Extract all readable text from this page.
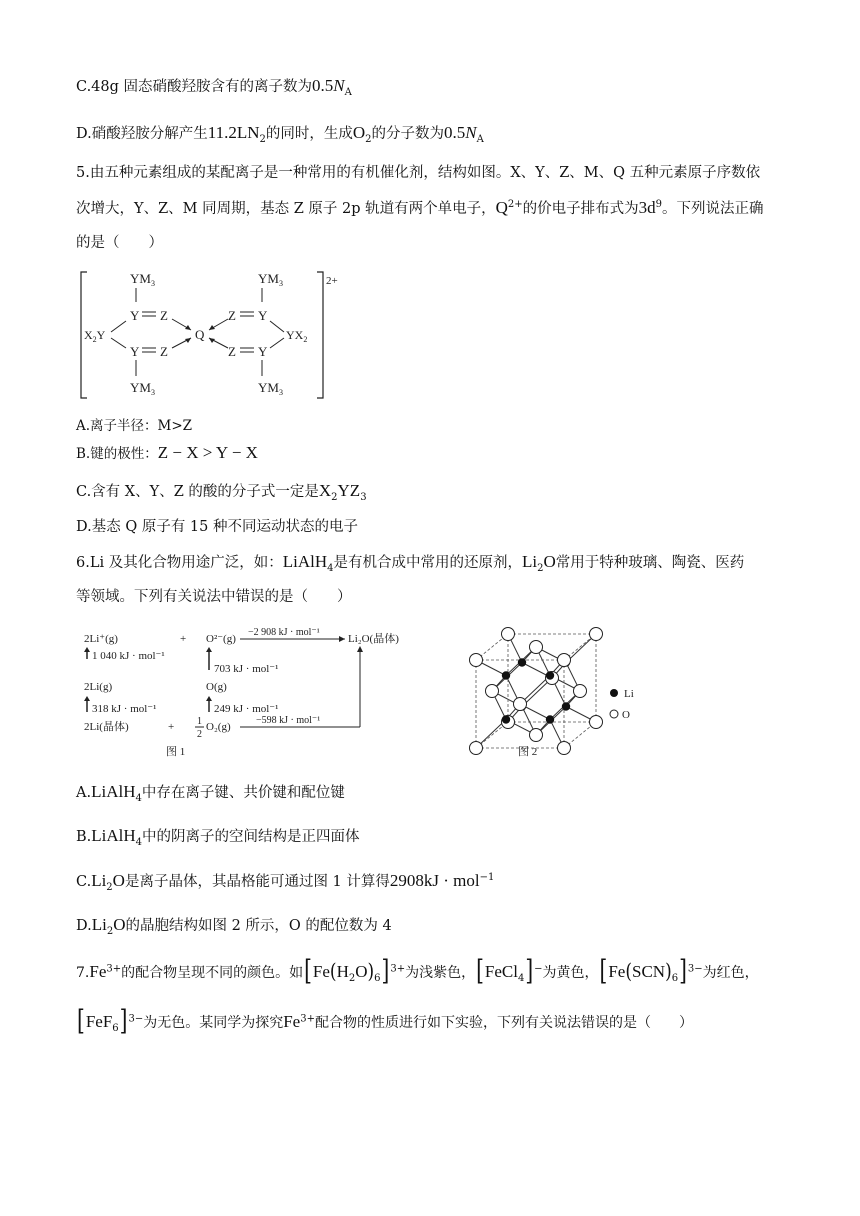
C.48g 固态硝酸羟胺含有的离子数为$0.5N_A$
D.硝酸羟胺分解产生$11.2LN_2$的同时，生成$O_2$的分子数为$0.5N_A$
5.由五种元素组成的某配离子是一种常用的有机催化剂，结构如图。X、Y、Z、M、Q 五种元素原子序数依
次增大，Y、Z、M 同周期，基态 Z 原子 2p 轨道有两个单电子，$Q^{2+}$的价电子排布式为$3d^9$。下列说法正确
的是（　　）
2+
$YM_3$	$YM_3$
$X_2Y$
Y Z
Y Z
Q
Z Y
Z Y
$YX_2$
$YM_3$	$YM_3$
A.离子半径：M>Z
B.键的极性：Z − X > Y − X
C.含有 X、Y、Z 的酸的分子式一定是$X_2YZ_3$
D.基态 Q 原子有 15 种不同运动状态的电子
6.Li 及其化合物用途广泛，如：LiAlH$_4$是有机合成中常用的还原剂，$Li_2O$常用于特种玻璃、陶瓷、医药
等领域。下列有关说法中错误的是（　　）
2Li⁺(g)	+ O²⁻(g)
−2 908 kJ · mol⁻¹
Li₂O(晶体)
1 040 kJ · mol⁻¹
703 kJ · mol⁻¹
2Li(g)	O(g)
318 kJ · mol⁻¹	249 kJ · mol⁻¹
2Li(晶体)	+ 1
2
O₂(g)
−598 kJ · mol⁻¹
图 1
Li
O
图 2
A.LiAlH$_4$中存在离子键、共价键和配位键
B.LiAlH$_4$中的阴离子的空间结构是正四面体
$C.Li_2O$是离子晶体，其晶格能可通过图 1 计算得2908kJ · mol$^{-1}$
$D.Li_2O$的晶胞结构如图 2 所示，O 的配位数为 4
$7.Fe^{3+}$的配合物呈现不同的颜色。如$[Fe(H_2O)_6]^{3+}$为浅紫色，[FeCl$_4$]−为黄色，$[Fe(SCN)_6]^{3-}$为红色，
$[FeF_6]^{3-}$为无色。某同学为探究$Fe^{3+}$配合物的性质进行如下实验，下列有关说法错误的是（　　）
